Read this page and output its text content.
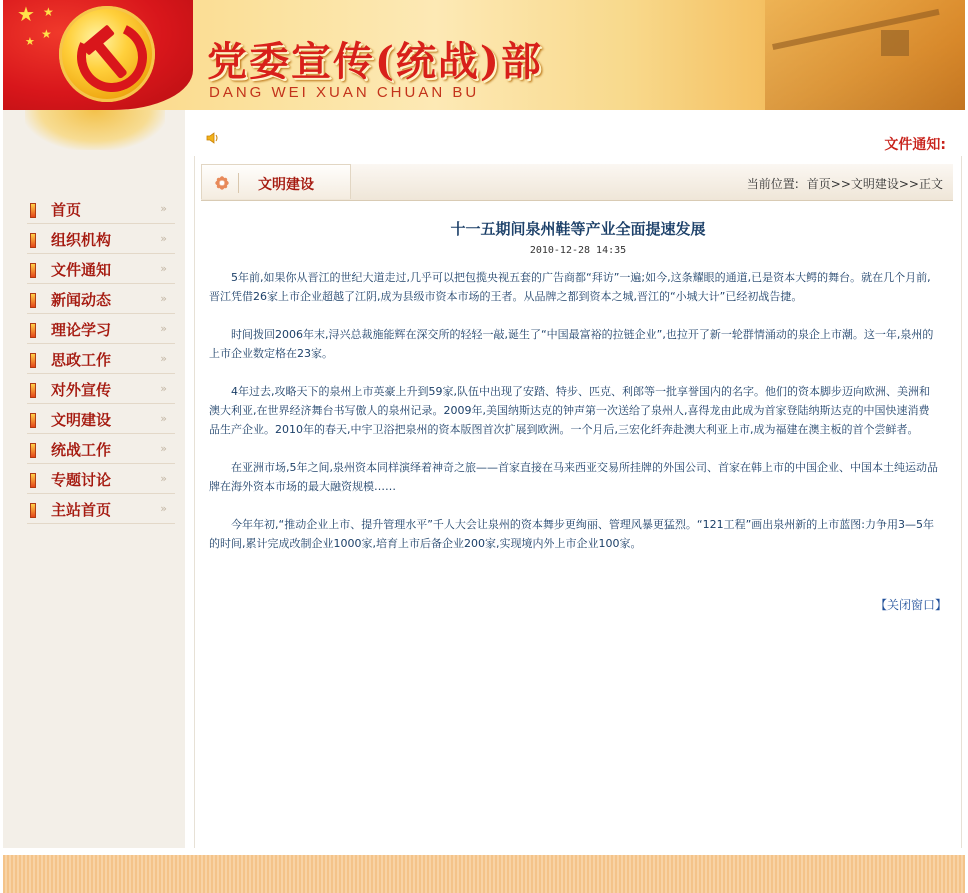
★ ★
★
★	党委宣传(统战)部
DANG WEI XUAN CHUAN BU
首页	»
组织机构	»
文件通知	»
新闻动态	»
理论学习	»
思政工作	»
对外宣传	»
文明建设	»
统战工作	»
专题讨论	»
主站首页	»
文件通知:
文明建设	当前位置: 首页>>文明建设>>正文
十一五期间泉州鞋等产业全面提速发展
2010-12-28 14:35

5年前,如果你从晋江的世纪大道走过,几乎可以把包揽央视五套的广告商都“拜访”一遍;如今,这条耀眼的通道,已是资本大鳄的舞台。就在几个月前,晋江凭借26家上市企业超越了江阴,成为县级市资本市场的王者。从品牌之都到资本之城,晋江的“小城大计”已经初战告捷。

时间拨回2006年末,浔兴总裁施能辉在深交所的轻轻一敲,诞生了“中国最富裕的拉链企业”,也拉开了新一轮群情涌动的泉企上市潮。这一年,泉州的上市企业数定格在23家。

4年过去,攻略天下的泉州上市英豪上升到59家,队伍中出现了安踏、特步、匹克、利郎等一批享誉国内的名字。他们的资本脚步迈向欧洲、美洲和澳大利亚,在世界经济舞台书写傲人的泉州记录。2009年,美国纳斯达克的钟声第一次送给了泉州人,喜得龙由此成为首家登陆纳斯达克的中国快速消费品生产企业。2010年的春天,中宇卫浴把泉州的资本版图首次扩展到欧洲。一个月后,三宏化纤奔赴澳大利亚上市,成为福建在澳主板的首个尝鲜者。

在亚洲市场,5年之间,泉州资本同样演绎着神奇之旅——首家直接在马来西亚交易所挂牌的外国公司、首家在韩上市的中国企业、中国本土纯运动品牌在海外资本市场的最大融资规模……

今年年初,“推动企业上市、提升管理水平”千人大会让泉州的资本舞步更绚丽、管理风暴更猛烈。“121工程”画出泉州新的上市蓝图:力争用3—5年的时间,累计完成改制企业1000家,培育上市后备企业200家,实现境内外上市企业100家。

【关闭窗口】
